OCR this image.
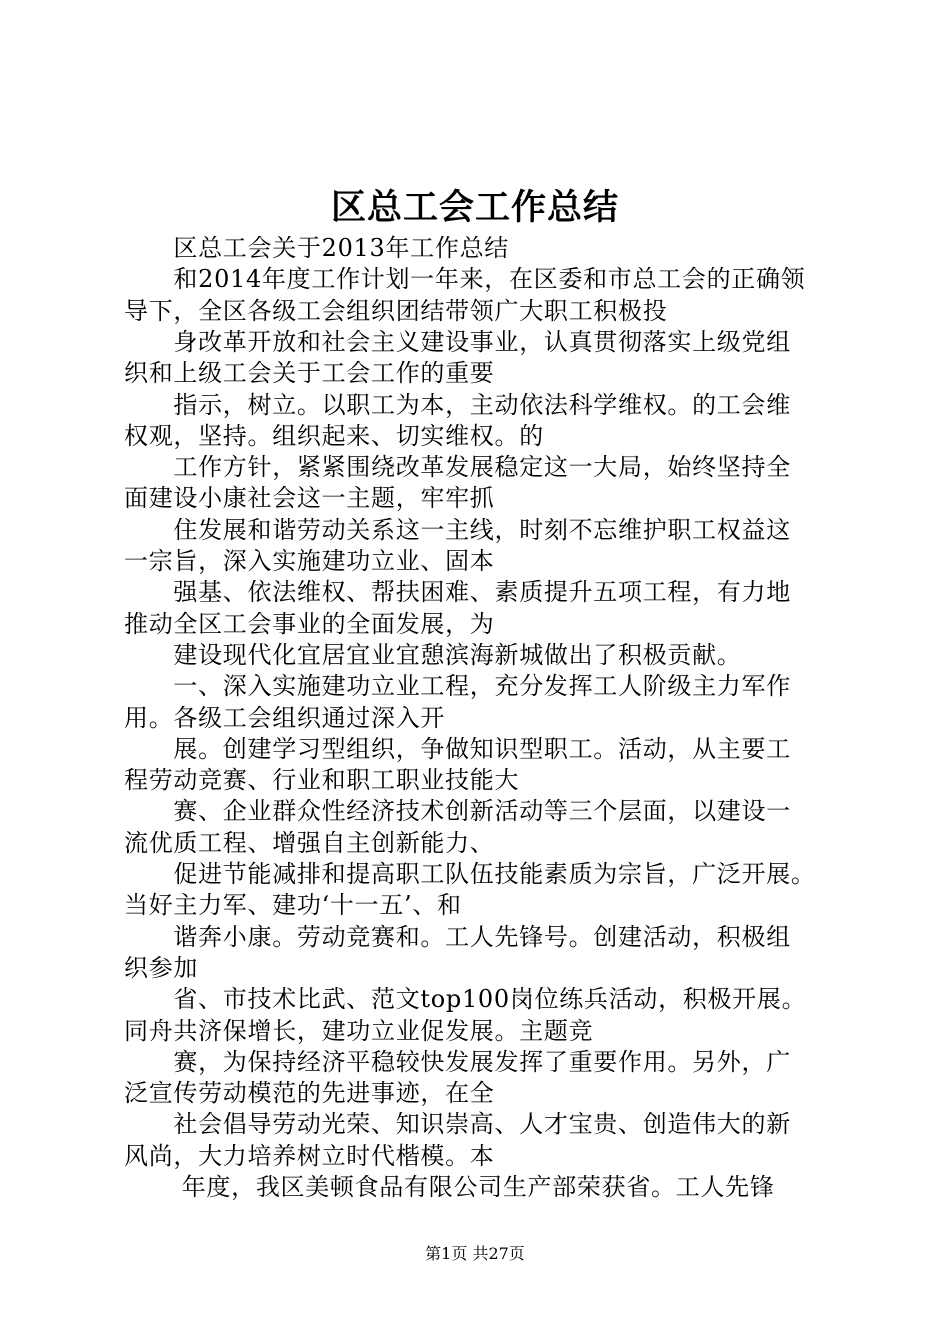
区总工会工作总结
　　区总工会关于2013年工作总结
　　和2014年度工作计划一年来，在区委和市总工会的正确领
导下，全区各级工会组织团结带领广大职工积极投
　　身改革开放和社会主义建设事业，认真贯彻落实上级党组
织和上级工会关于工会工作的重要
　　指示，树立。以职工为本，主动依法科学维权。的工会维
权观，坚持。组织起来、切实维权。的
　　工作方针，紧紧围绕改革发展稳定这一大局，始终坚持全
面建设小康社会这一主题，牢牢抓
　　住发展和谐劳动关系这一主线，时刻不忘维护职工权益这
一宗旨，深入实施建功立业、固本
　　强基、依法维权、帮扶困难、素质提升五项工程，有力地
推动全区工会事业的全面发展，为
　　建设现代化宜居宜业宜憩滨海新城做出了积极贡献。
　　一、深入实施建功立业工程，充分发挥工人阶级主力军作
用。各级工会组织通过深入开
　　展。创建学习型组织，争做知识型职工。活动，从主要工
程劳动竞赛、行业和职工职业技能大
　　赛、企业群众性经济技术创新活动等三个层面，以建设一
流优质工程、增强自主创新能力、
　　促进节能减排和提高职工队伍技能素质为宗旨，广泛开展。
当好主力军、建功‘十一五’、和
　　谐奔小康。劳动竞赛和。工人先锋号。创建活动，积极组
织参加
　　省、市技术比武、范文top100岗位练兵活动，积极开展。
同舟共济保增长，建功立业促发展。主题竞
　　赛，为保持经济平稳较快发展发挥了重要作用。另外，广
泛宣传劳动模范的先进事迹，在全
　　社会倡导劳动光荣、知识崇高、人才宝贵、创造伟大的新
风尚，大力培养树立时代楷模。本
　　 年度，我区美顿食品有限公司生产部荣获省。工人先锋
第1页 共27页
